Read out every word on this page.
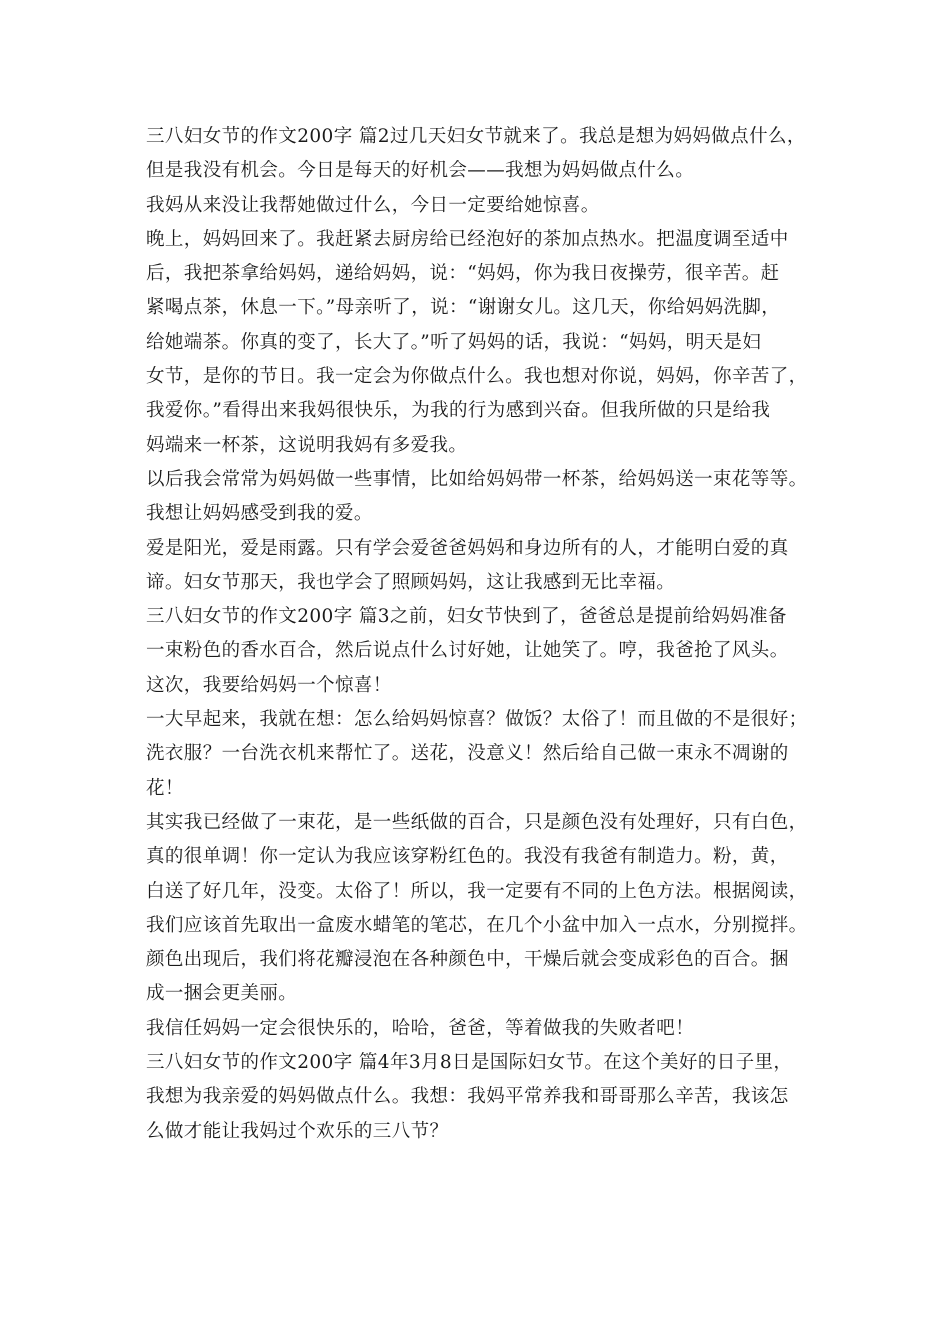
三八妇女节的作文200字 篇2过几天妇女节就来了。我总是想为妈妈做点什么，
但是我没有机会。今日是每天的好机会——我想为妈妈做点什么。
我妈从来没让我帮她做过什么，今日一定要给她惊喜。
晚上，妈妈回来了。我赶紧去厨房给已经泡好的茶加点热水。把温度调至适中
后，我把茶拿给妈妈，递给妈妈，说：“妈妈，你为我日夜操劳，很辛苦。赶
紧喝点茶，休息一下。”母亲听了，说：“谢谢女儿。这几天，你给妈妈洗脚，
给她端茶。你真的变了，长大了。”听了妈妈的话，我说：“妈妈，明天是妇
女节，是你的节日。我一定会为你做点什么。我也想对你说，妈妈，你辛苦了，
我爱你。”看得出来我妈很快乐，为我的行为感到兴奋。但我所做的只是给我
妈端来一杯茶，这说明我妈有多爱我。
以后我会常常为妈妈做一些事情，比如给妈妈带一杯茶，给妈妈送一束花等等。
我想让妈妈感受到我的爱。
爱是阳光，爱是雨露。只有学会爱爸爸妈妈和身边所有的人，才能明白爱的真
谛。妇女节那天，我也学会了照顾妈妈，这让我感到无比幸福。
三八妇女节的作文200字 篇3之前，妇女节快到了，爸爸总是提前给妈妈准备
一束粉色的香水百合，然后说点什么讨好她，让她笑了。哼，我爸抢了风头。
这次，我要给妈妈一个惊喜！
一大早起来，我就在想：怎么给妈妈惊喜？做饭？太俗了！而且做的不是很好；
洗衣服？一台洗衣机来帮忙了。送花，没意义！然后给自己做一束永不凋谢的
花！
其实我已经做了一束花，是一些纸做的百合，只是颜色没有处理好，只有白色，
真的很单调！你一定认为我应该穿粉红色的。我没有我爸有制造力。粉，黄，
白送了好几年，没变。太俗了！所以，我一定要有不同的上色方法。根据阅读，
我们应该首先取出一盒废水蜡笔的笔芯，在几个小盆中加入一点水，分别搅拌。
颜色出现后，我们将花瓣浸泡在各种颜色中，干燥后就会变成彩色的百合。捆
成一捆会更美丽。
我信任妈妈一定会很快乐的，哈哈，爸爸，等着做我的失败者吧！
三八妇女节的作文200字 篇4年3月8日是国际妇女节。在这个美好的日子里，
我想为我亲爱的妈妈做点什么。我想：我妈平常养我和哥哥那么辛苦，我该怎
么做才能让我妈过个欢乐的三八节？
